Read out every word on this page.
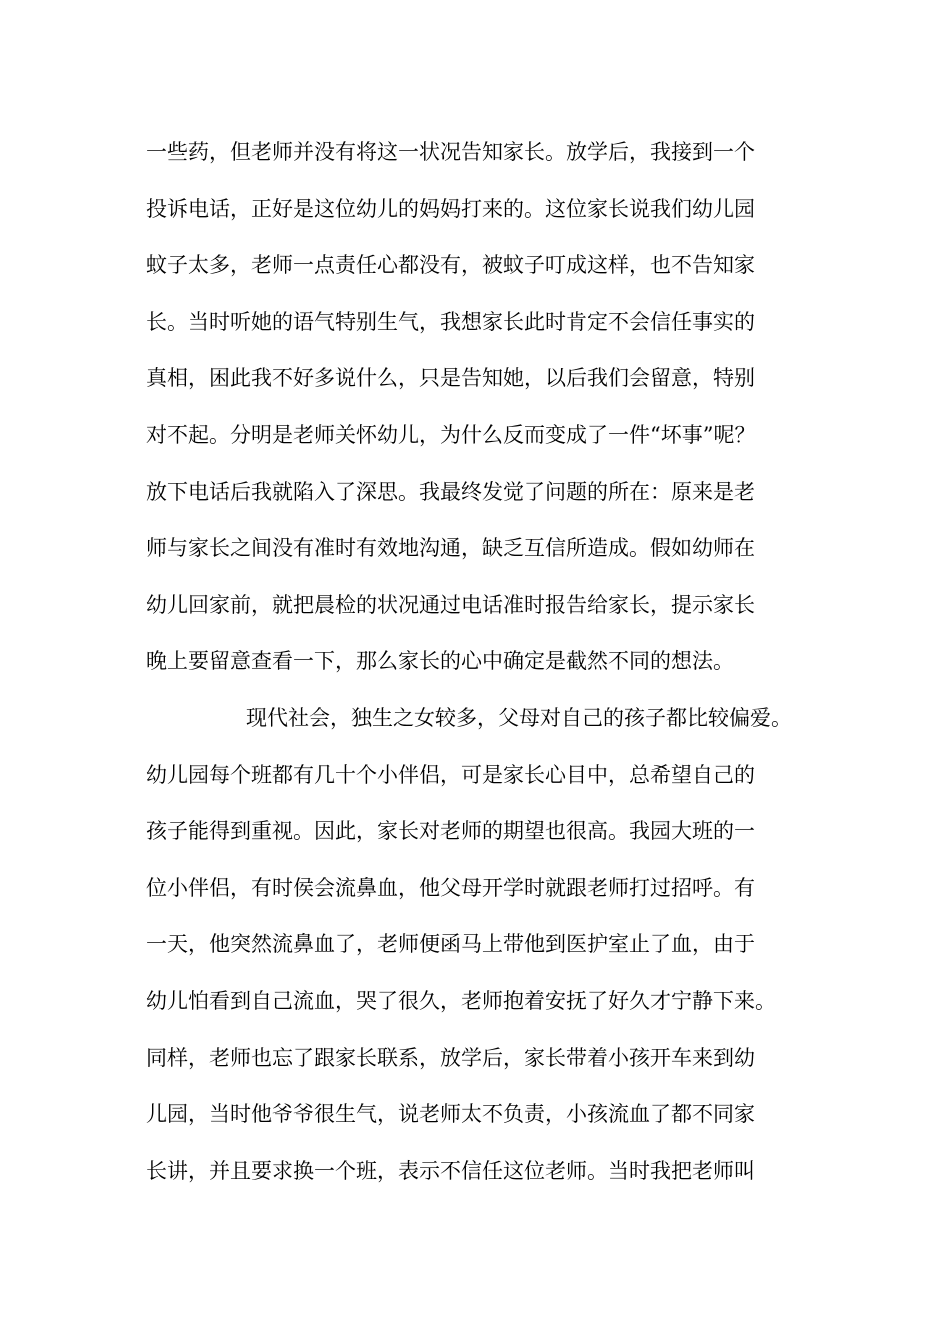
一些药，但老师并没有将这一状况告知家长。放学后，我接到一个
投诉电话，正好是这位幼儿的妈妈打来的。这位家长说我们幼儿园
蚊子太多，老师一点责任心都没有，被蚊子叮成这样，也不告知家
长。当时听她的语气特别生气，我想家长此时肯定不会信任事实的
真相，困此我不好多说什么，只是告知她，以后我们会留意，特别
对不起。分明是老师关怀幼儿，为什么反而变成了一件“坏事”呢？
放下电话后我就陷入了深思。我最终发觉了问题的所在：原来是老
师与家长之间没有准时有效地沟通，缺乏互信所造成。假如幼师在
幼儿回家前，就把晨检的状况通过电话准时报告给家长，提示家长
晚上要留意查看一下，那么家长的心中确定是截然不同的想法。
现代社会，独生之女较多，父母对自己的孩子都比较偏爱。
幼儿园每个班都有几十个小伴侣，可是家长心目中，总希望自己的
孩子能得到重视。因此，家长对老师的期望也很高。我园大班的一
位小伴侣，有时侯会流鼻血，他父母开学时就跟老师打过招呼。有
一天，他突然流鼻血了，老师便函马上带他到医护室止了血，由于
幼儿怕看到自己流血，哭了很久，老师抱着安抚了好久才宁静下来。
同样，老师也忘了跟家长联系，放学后，家长带着小孩开车来到幼
儿园，当时他爷爷很生气，说老师太不负责，小孩流血了都不同家
长讲，并且要求换一个班，表示不信任这位老师。当时我把老师叫
